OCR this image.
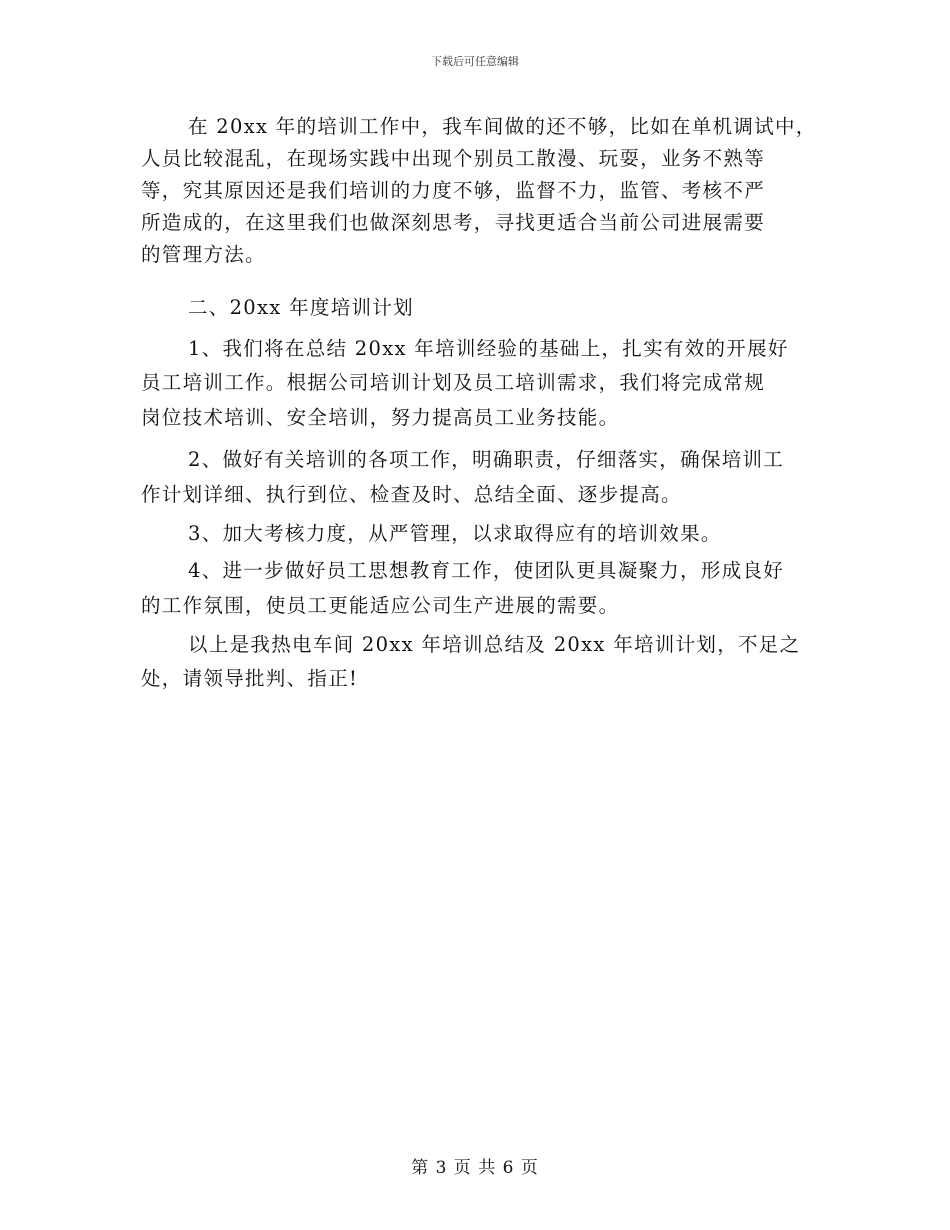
下载后可任意编辑
在 20xx 年的培训工作中，我车间做的还不够，比如在单机调试中，
人员比较混乱，在现场实践中出现个别员工散漫、玩耍，业务不熟等
等，究其原因还是我们培训的力度不够，监督不力，监管、考核不严
所造成的，在这里我们也做深刻思考，寻找更适合当前公司进展需要
的管理方法。
二、20xx 年度培训计划
1、我们将在总结 20xx 年培训经验的基础上，扎实有效的开展好
员工培训工作。根据公司培训计划及员工培训需求，我们将完成常规
岗位技术培训、安全培训，努力提高员工业务技能。
2、做好有关培训的各项工作，明确职责，仔细落实，确保培训工
作计划详细、执行到位、检查及时、总结全面、逐步提高。
3、加大考核力度，从严管理，以求取得应有的培训效果。
4、进一步做好员工思想教育工作，使团队更具凝聚力，形成良好
的工作氛围，使员工更能适应公司生产进展的需要。
以上是我热电车间 20xx 年培训总结及 20xx 年培训计划，不足之
处，请领导批判、指正!
第 3 页 共 6 页
